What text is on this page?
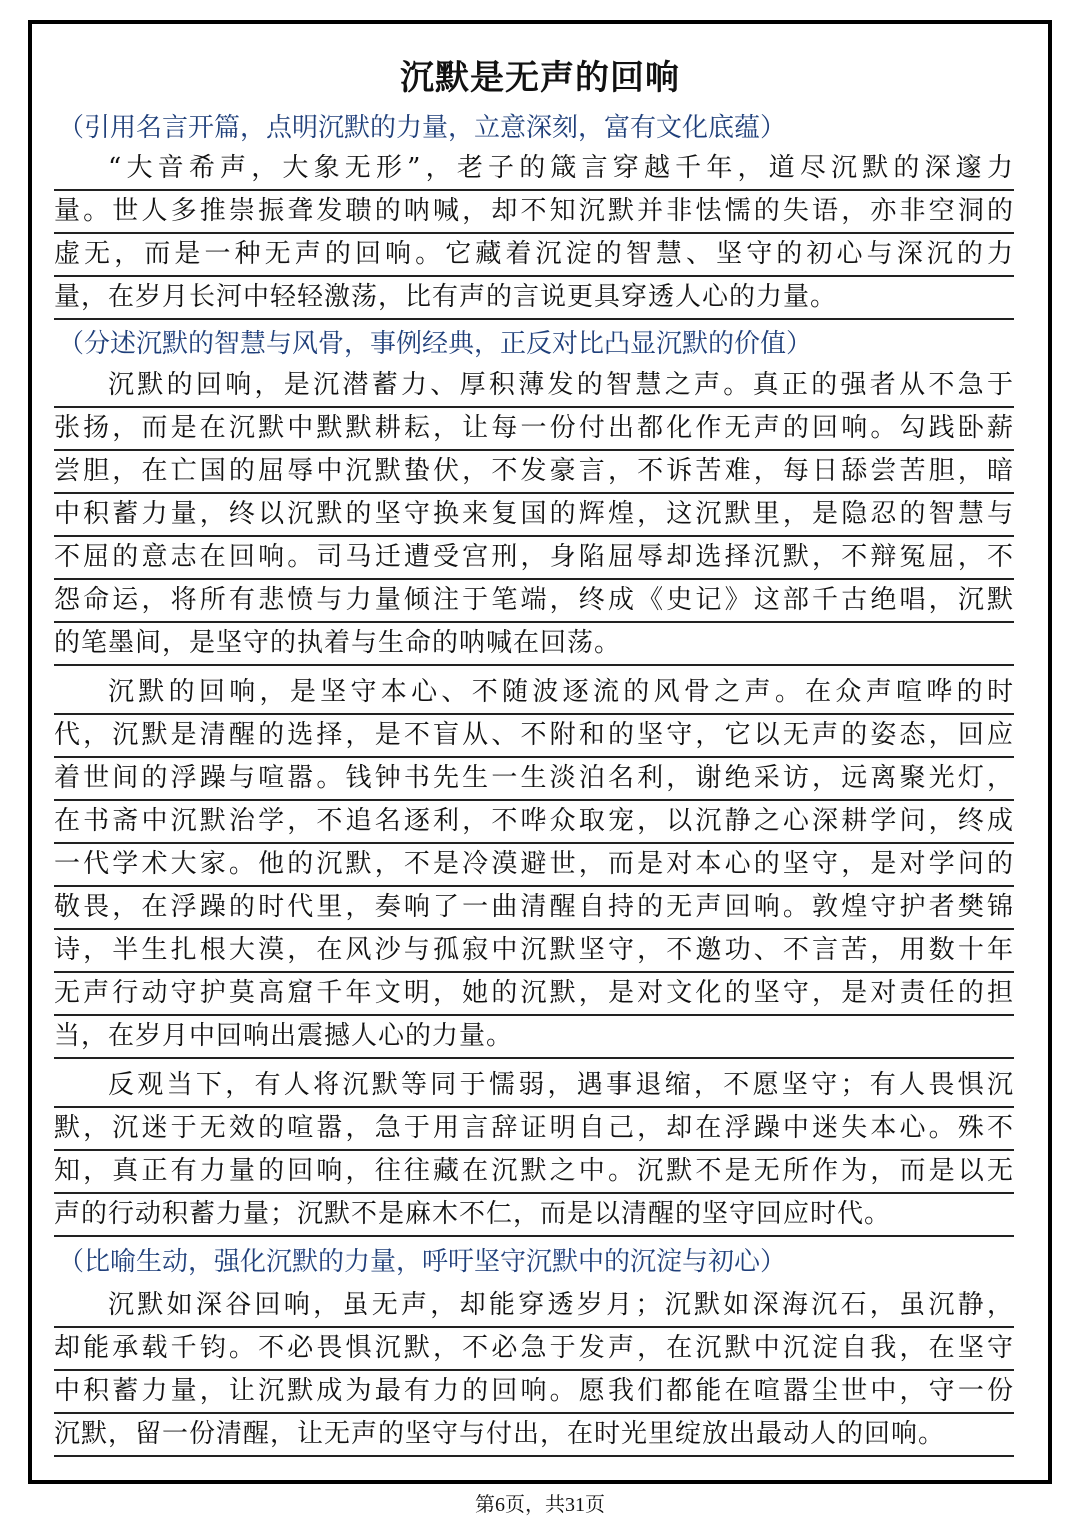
沉默是无声的回响
（引用名言开篇，点明沉默的力量，立意深刻，富有文化底蕴）
“大音希声，大象无形”，老子的箴言穿越千年，道尽沉默的深邃力
量。世人多推崇振聋发聩的呐喊，却不知沉默并非怯懦的失语，亦非空洞的
虚无，而是一种无声的回响。它藏着沉淀的智慧、坚守的初心与深沉的力
量，在岁月长河中轻轻激荡，比有声的言说更具穿透人心的力量。
（分述沉默的智慧与风骨，事例经典，正反对比凸显沉默的价值）
沉默的回响，是沉潜蓄力、厚积薄发的智慧之声。真正的强者从不急于
张扬，而是在沉默中默默耕耘，让每一份付出都化作无声的回响。勾践卧薪
尝胆，在亡国的屈辱中沉默蛰伏，不发豪言，不诉苦难，每日舔尝苦胆，暗
中积蓄力量，终以沉默的坚守换来复国的辉煌，这沉默里，是隐忍的智慧与
不屈的意志在回响。司马迁遭受宫刑，身陷屈辱却选择沉默，不辩冤屈，不
怨命运，将所有悲愤与力量倾注于笔端，终成《史记》这部千古绝唱，沉默
的笔墨间，是坚守的执着与生命的呐喊在回荡。
沉默的回响，是坚守本心、不随波逐流的风骨之声。在众声喧哗的时
代，沉默是清醒的选择，是不盲从、不附和的坚守，它以无声的姿态，回应
着世间的浮躁与喧嚣。钱钟书先生一生淡泊名利，谢绝采访，远离聚光灯，
在书斋中沉默治学，不追名逐利，不哗众取宠，以沉静之心深耕学问，终成
一代学术大家。他的沉默，不是冷漠避世，而是对本心的坚守，是对学问的
敬畏，在浮躁的时代里，奏响了一曲清醒自持的无声回响。敦煌守护者樊锦
诗，半生扎根大漠，在风沙与孤寂中沉默坚守，不邀功、不言苦，用数十年
无声行动守护莫高窟千年文明，她的沉默，是对文化的坚守，是对责任的担
当，在岁月中回响出震撼人心的力量。
反观当下，有人将沉默等同于懦弱，遇事退缩，不愿坚守；有人畏惧沉
默，沉迷于无效的喧嚣，急于用言辞证明自己，却在浮躁中迷失本心。殊不
知，真正有力量的回响，往往藏在沉默之中。沉默不是无所作为，而是以无
声的行动积蓄力量；沉默不是麻木不仁，而是以清醒的坚守回应时代。
（比喻生动，强化沉默的力量，呼吁坚守沉默中的沉淀与初心）
沉默如深谷回响，虽无声，却能穿透岁月；沉默如深海沉石，虽沉静，
却能承载千钧。不必畏惧沉默，不必急于发声，在沉默中沉淀自我，在坚守
中积蓄力量，让沉默成为最有力的回响。愿我们都能在喧嚣尘世中，守一份
沉默，留一份清醒，让无声的坚守与付出，在时光里绽放出最动人的回响。
第6页，共31页
